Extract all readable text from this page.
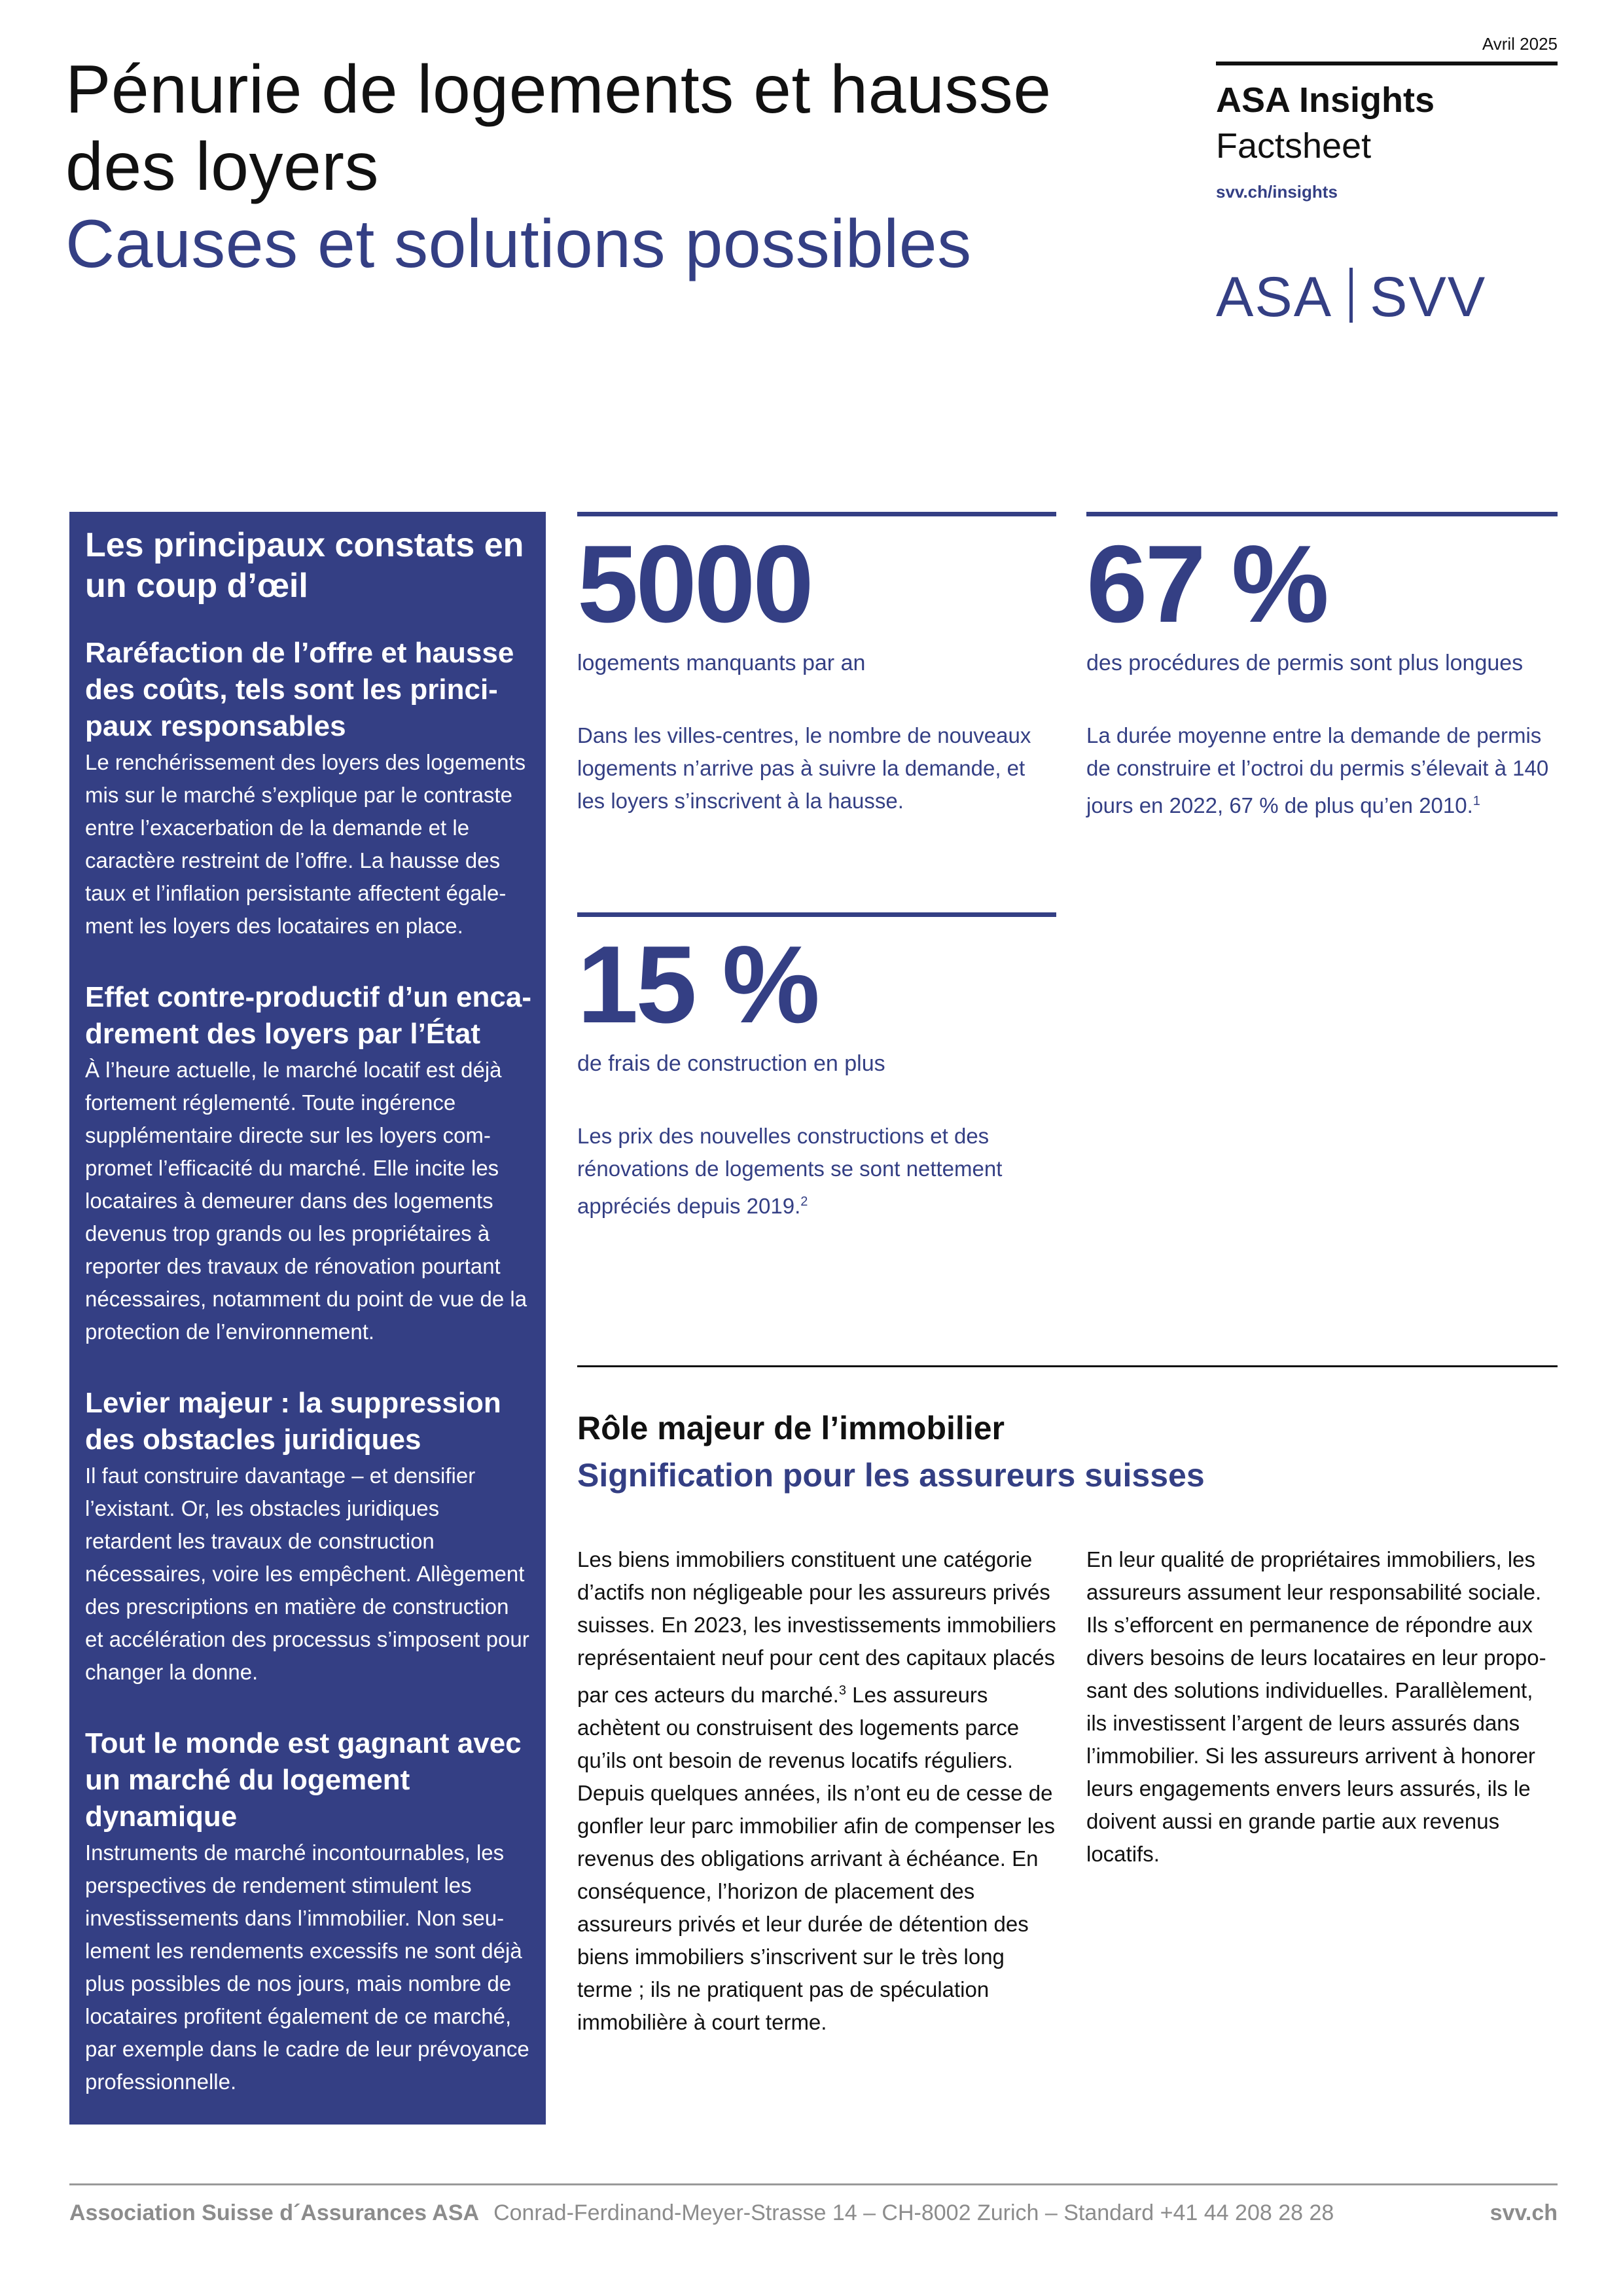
Pénurie de logements et hausse
des loyers
Causes et solutions possibles
Avril 2025
ASA Insights
Factsheet
svv.ch/insights
ASA SVV
Les principaux constats en un coup d’œil
Raréfaction de l’offre et hausse des coûts, tels sont les principaux responsables

Le renchérissement des loyers des logements mis sur le marché s’explique par le contraste entre l’exacerbation de la demande et le caractère restreint de l’offre. La hausse des taux et l’inflation persistante affectent également les loyers des locataires en place.

Effet contre-productif d’un encadrement des loyers par l’État

À l’heure actuelle, le marché locatif est déjà fortement réglementé. Toute ingérence supplémentaire directe sur les loyers compromet l’efficacité du marché. Elle incite les locataires à demeurer dans des logements devenus trop grands ou les propriétaires à reporter des travaux de rénovation pourtant nécessaires, notamment du point de vue de la protection de l’environnement.

Levier majeur : la suppression des obstacles juridiques

Il faut construire davantage – et densifier l’existant. Or, les obstacles juridiques retardent les travaux de construction nécessaires, voire les empêchent. Allègement des prescriptions en matière de construction et accélération des processus s’imposent pour changer la donne.

Tout le monde est gagnant avec un marché du logement dynamique

Instruments de marché incontournables, les perspectives de rendement stimulent les investissements dans l’immobilier. Non seulement les rendements excessifs ne sont déjà plus possibles de nos jours, mais nombre de locataires profitent également de ce marché, par exemple dans le cadre de leur prévoyance professionnelle.

5000
logements manquants par an
Dans les villes-centres, le nombre de nouveaux logements n’arrive pas à suivre la demande, et les loyers s’inscrivent à la hausse.
67 %
des procédures de permis sont plus longues
La durée moyenne entre la demande de permis de construire et l’octroi du permis s’élevait à 140 jours en 2022, 67 % de plus qu’en 2010.$^1$
15 %
de frais de construction en plus
Les prix des nouvelles constructions et des rénovations de logements se sont nettement appréciés depuis 2019.$^2$
Rôle majeur de l’immobilier
Signification pour les assureurs suisses
Les biens immobiliers constituent une catégorie d’actifs non négligeable pour les assureurs privés suisses. En 2023, les investissements immobiliers représentaient neuf pour cent des capitaux placés par ces acteurs du marché.$^3$ Les assureurs achètent ou construisent des logements parce qu’ils ont besoin de revenus locatifs réguliers. Depuis quelques années, ils n’ont eu de cesse de gonfler leur parc immobilier afin de compenser les revenus des obligations arrivant à échéance. En conséquence, l’horizon de placement des assureurs privés et leur durée de détention des biens immobiliers s’inscrivent sur le très long terme ; ils ne pratiquent pas de spéculation immobilière à court terme.
En leur qualité de propriétaires immobiliers, les assureurs assument leur responsabilité sociale. Ils s’efforcent en permanence de répondre aux divers besoins de leurs locataires en leur proposant des solutions individuelles. Parallèlement, ils investissent l’argent de leurs assurés dans l’immobilier. Si les assureurs arrivent à honorer leurs engagements envers leurs assurés, ils le doivent aussi en grande partie aux revenus locatifs.
Association Suisse d´Assurances ASA Conrad-Ferdinand-Meyer-Strasse 14 – CH-8002 Zurich – Standard +41 44 208 28 28	svv.ch
